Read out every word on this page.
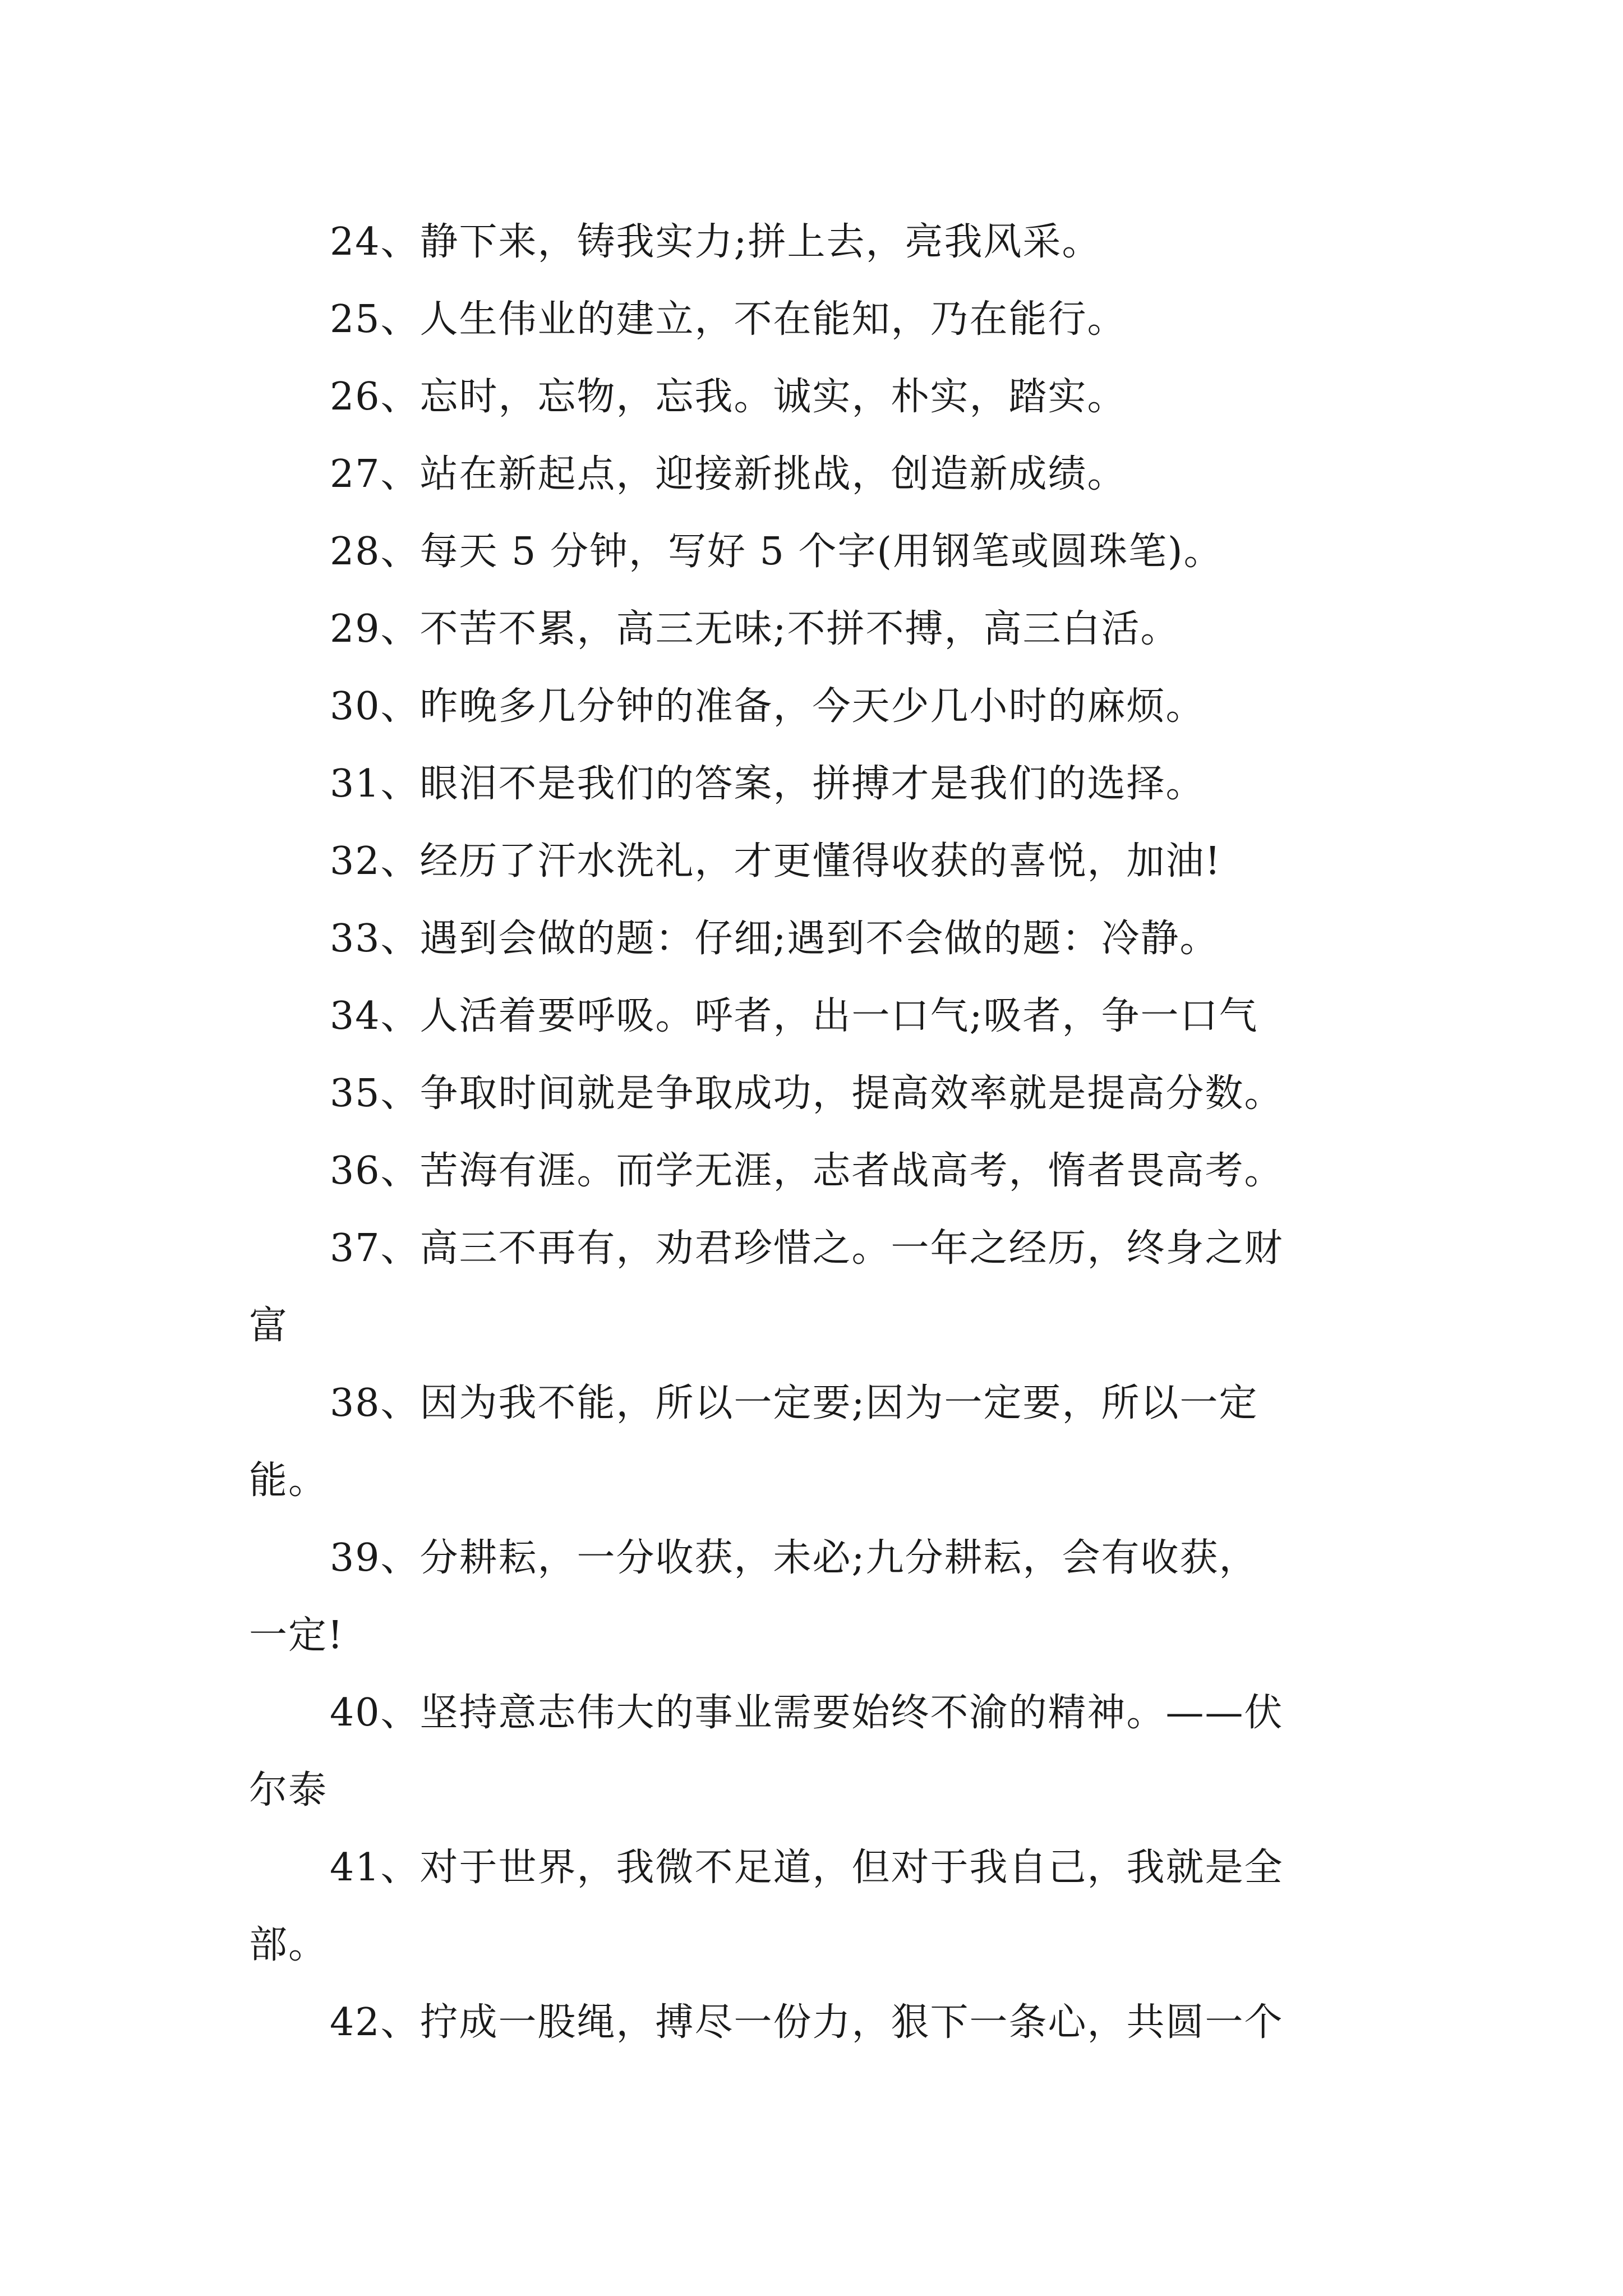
24、静下来，铸我实力;拼上去，亮我风采。
25、人生伟业的建立，不在能知，乃在能行。
26、忘时，忘物，忘我。诚实，朴实，踏实。
27、站在新起点，迎接新挑战，创造新成绩。
28、每天 5 分钟，写好 5 个字(用钢笔或圆珠笔)。
29、不苦不累，高三无味;不拼不搏，高三白活。
30、昨晚多几分钟的准备，今天少几小时的麻烦。
31、眼泪不是我们的答案，拼搏才是我们的选择。
32、经历了汗水洗礼，才更懂得收获的喜悦，加油!
33、遇到会做的题：仔细;遇到不会做的题：冷静。
34、人活着要呼吸。呼者，出一口气;吸者，争一口气
35、争取时间就是争取成功，提高效率就是提高分数。
36、苦海有涯。而学无涯，志者战高考，惰者畏高考。
37、高三不再有，劝君珍惜之。一年之经历，终身之财
富
38、因为我不能，所以一定要;因为一定要，所以一定
能。
39、分耕耘，一分收获，未必;九分耕耘，会有收获，
一定!
40、坚持意志伟大的事业需要始终不渝的精神。——伏
尔泰
41、对于世界，我微不足道，但对于我自己，我就是全
部。
42、拧成一股绳，搏尽一份力，狠下一条心，共圆一个
